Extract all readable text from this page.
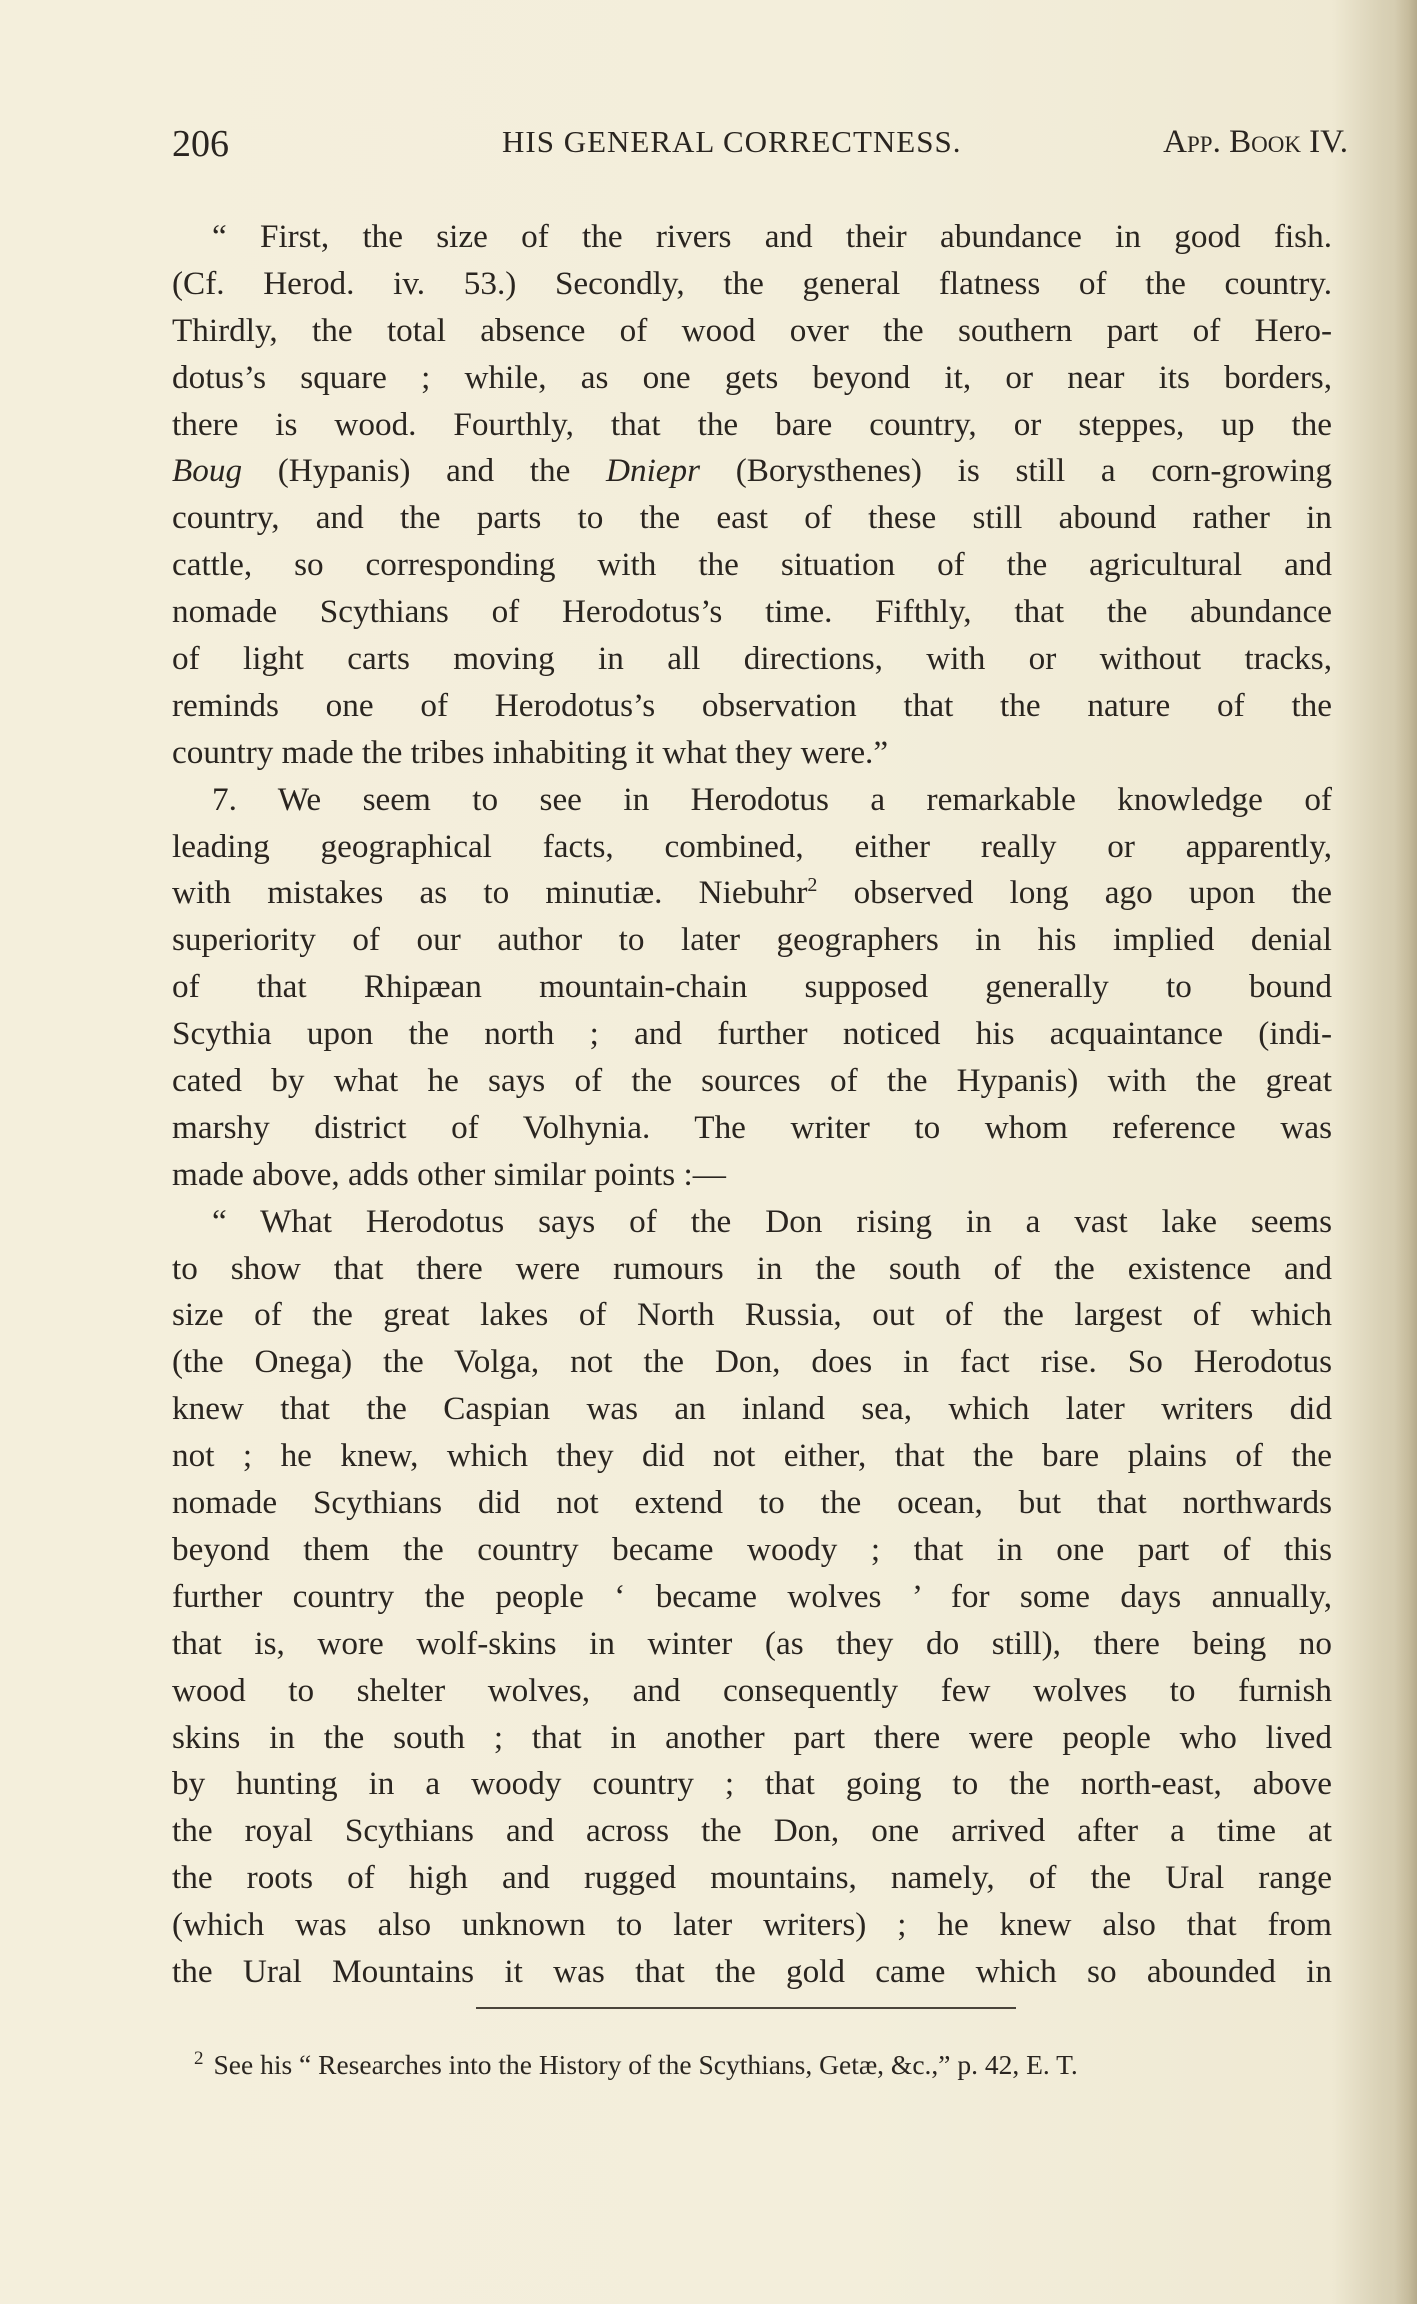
206	HIS GENERAL CORRECTNESS.	App. Book IV.
“ First, the size of the rivers and their abundance in good fish.
(Cf. Herod. iv. 53.) Secondly, the general flatness of the country.
Thirdly, the total absence of wood over the southern part of Hero-
dotus’s square ; while, as one gets beyond it, or near its borders,
there is wood. Fourthly, that the bare country, or steppes, up the
Boug (Hypanis) and the Dniepr (Borysthenes) is still a corn-growing
country, and the parts to the east of these still abound rather in
cattle, so corresponding with the situation of the agricultural and
nomade Scythians of Herodotus’s time. Fifthly, that the abundance
of light carts moving in all directions, with or without tracks,
reminds one of Herodotus’s observation that the nature of the
country made the tribes inhabiting it what they were.”
7. We seem to see in Herodotus a remarkable knowledge of
leading geographical facts, combined, either really or apparently,
with mistakes as to minutiæ. Niebuhr$^2$ observed long ago upon the
superiority of our author to later geographers in his implied denial
of that Rhipæan mountain-chain supposed generally to bound
Scythia upon the north ; and further noticed his acquaintance (indi-
cated by what he says of the sources of the Hypanis) with the great
marshy district of Volhynia. The writer to whom reference was
made above, adds other similar points :—
“ What Herodotus says of the Don rising in a vast lake seems
to show that there were rumours in the south of the existence and
size of the great lakes of North Russia, out of the largest of which
(the Onega) the Volga, not the Don, does in fact rise. So Herodotus
knew that the Caspian was an inland sea, which later writers did
not ; he knew, which they did not either, that the bare plains of the
nomade Scythians did not extend to the ocean, but that northwards
beyond them the country became woody ; that in one part of this
further country the people ‘ became wolves ’ for some days annually,
that is, wore wolf-skins in winter (as they do still), there being no
wood to shelter wolves, and consequently few wolves to furnish
skins in the south ; that in another part there were people who lived
by hunting in a woody country ; that going to the north-east, above
the royal Scythians and across the Don, one arrived after a time at
the roots of high and rugged mountains, namely, of the Ural range
(which was also unknown to later writers) ; he knew also that from
the Ural Mountains it was that the gold came which so abounded in
$^2$ See his “ Researches into the History of the Scythians, Getæ, &c.,” p. 42, E. T.
